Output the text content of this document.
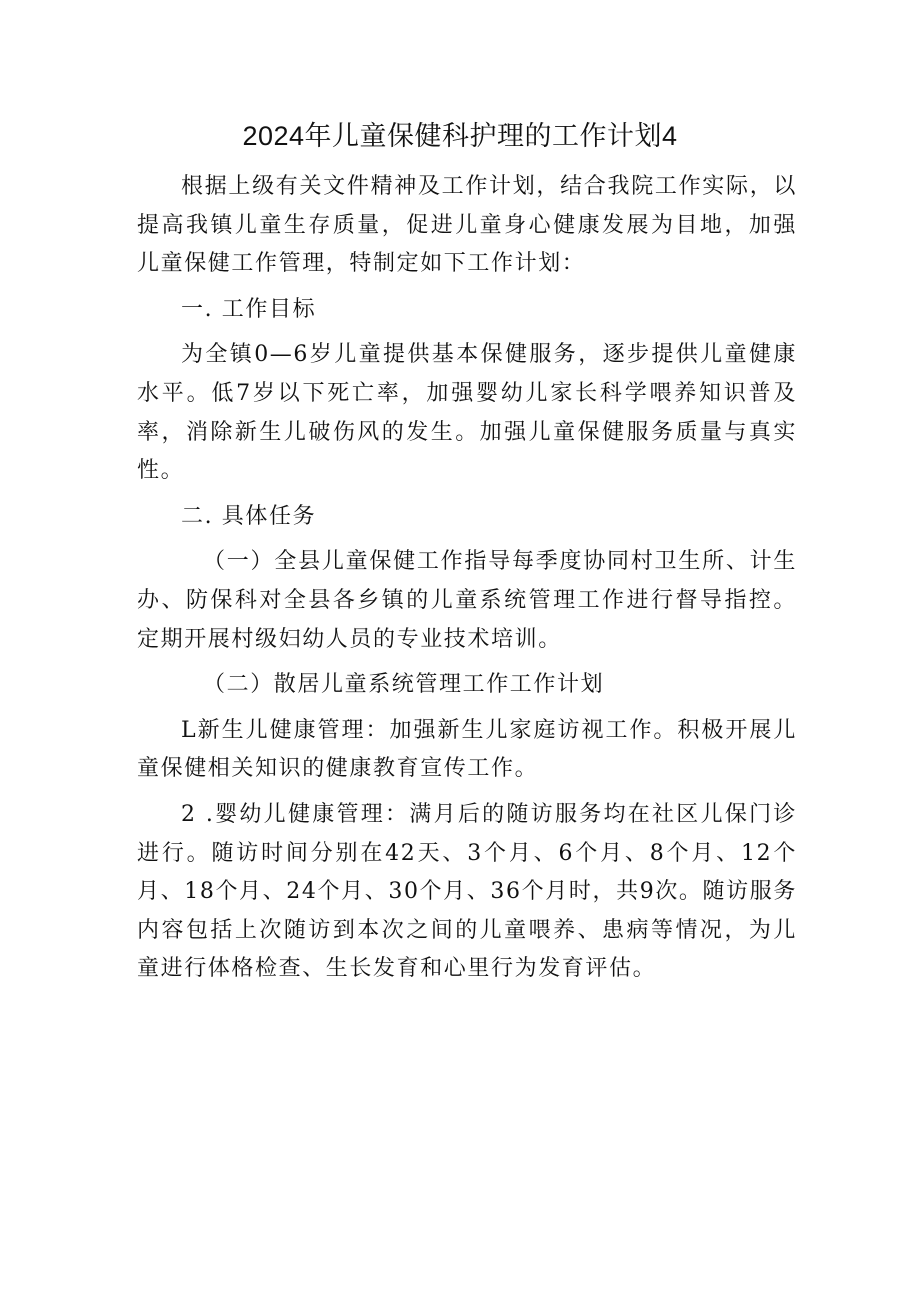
2024年儿童保健科护理的工作计划4

根据上级有关文件精神及工作计划，结合我院工作实际，以提高我镇儿童生存质量，促进儿童身心健康发展为目地，加强儿童保健工作管理，特制定如下工作计划：

一. 工作目标

为全镇0—6岁儿童提供基本保健服务，逐步提供儿童健康水平。低7岁以下死亡率，加强婴幼儿家长科学喂养知识普及率，消除新生儿破伤风的发生。加强儿童保健服务质量与真实性。

二. 具体任务

（一）全县儿童保健工作指导每季度协同村卫生所、计生办、防保科对全县各乡镇的儿童系统管理工作进行督导指控。定期开展村级妇幼人员的专业技术培训。

（二）散居儿童系统管理工作工作计划

L新生儿健康管理：加强新生儿家庭访视工作。积极开展儿童保健相关知识的健康教育宣传工作。

2 .婴幼儿健康管理：满月后的随访服务均在社区儿保门诊进行。随访时间分别在42天、3个月、6个月、8个月、12个月、18个月、24个月、30个月、36个月时，共9次。随访服务内容包括上次随访到本次之间的儿童喂养、患病等情况，为儿童进行体格检查、生长发育和心里行为发育评估。
